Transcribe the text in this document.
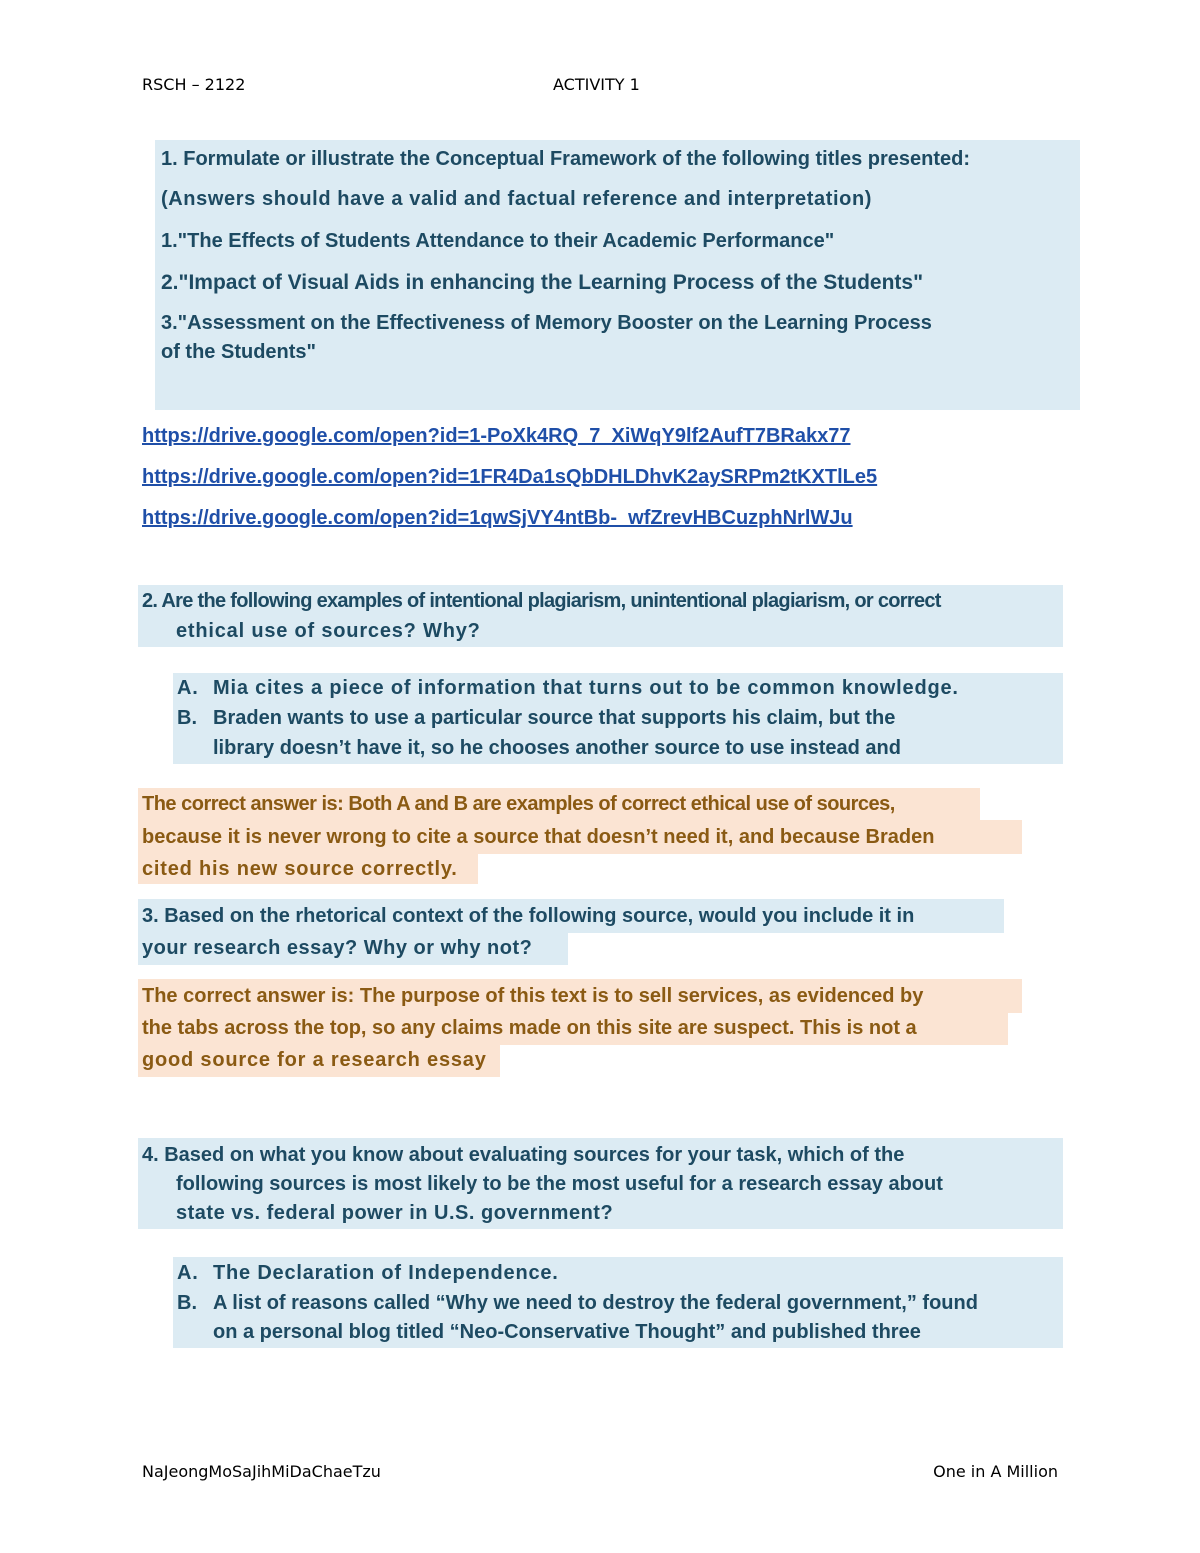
RSCH – 2122	ACTIVITY 1
1. Formulate or illustrate the Conceptual Framework of the following titles presented:
(Answers should have a valid and factual reference and interpretation)
1."The Effects of Students Attendance to their Academic Performance"
2."Impact of Visual Aids in enhancing the Learning Process of the Students"
3."Assessment on the Effectiveness of Memory Booster on the Learning Process
of the Students"
https://drive.google.com/open?id=1-PoXk4RQ_7_XiWqY9lf2AufT7BRakx77
https://drive.google.com/open?id=1FR4Da1sQbDHLDhvK2aySRPm2tKXTlLe5
https://drive.google.com/open?id=1qwSjVY4ntBb-_wfZrevHBCuzphNrlWJu
2. Are the following examples of intentional plagiarism, unintentional plagiarism, or correct
ethical use of sources? Why?
A. Mia cites a piece of information that turns out to be common knowledge.
B. Braden wants to use a particular source that supports his claim, but the
library doesn’t have it, so he chooses another source to use instead and
The correct answer is: Both A and B are examples of correct ethical use of sources,
because it is never wrong to cite a source that doesn’t need it, and because Braden
cited his new source correctly.
3. Based on the rhetorical context of the following source, would you include it in
your research essay? Why or why not?
The correct answer is: The purpose of this text is to sell services, as evidenced by
the tabs across the top, so any claims made on this site are suspect. This is not a
good source for a research essay
4. Based on what you know about evaluating sources for your task, which of the
following sources is most likely to be the most useful for a research essay about
state vs. federal power in U.S. government?
A. The Declaration of Independence.
B. A list of reasons called “Why we need to destroy the federal government,” found
on a personal blog titled “Neo-Conservative Thought” and published three
NaJeongMoSaJihMiDaChaeTzu	One in A Million
